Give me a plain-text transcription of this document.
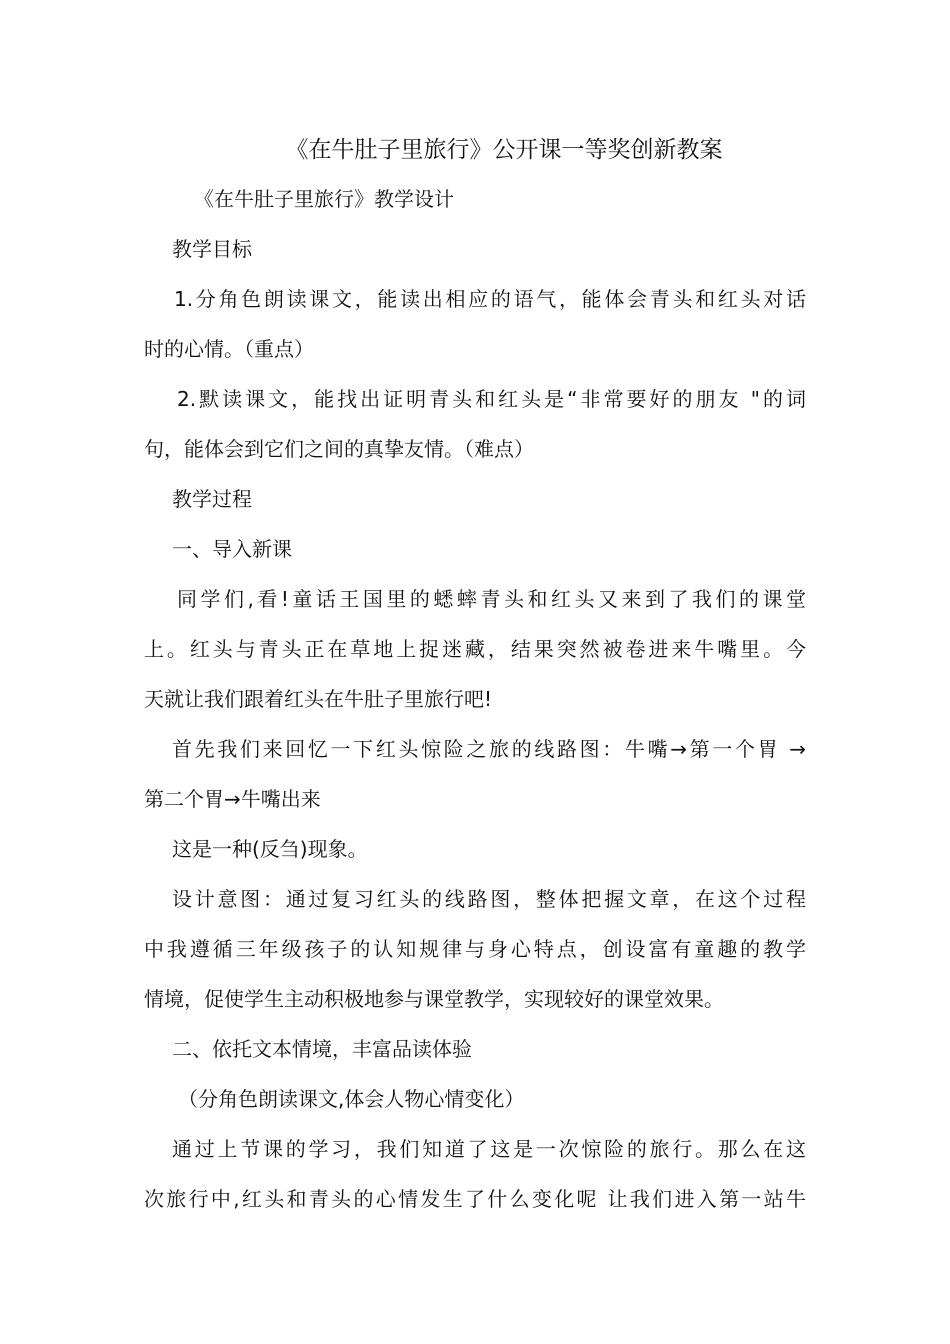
《在牛肚子里旅行》公开课一等奖创新教案
《在牛肚子里旅行》教学设计
教学目标
1.分角色朗读课文，能读出相应的语气，能体会青头和红头对话
时的心情。（重点）
2.默读课文，能找出证明青头和红头是“非常要好的朋友 "的词
句，能体会到它们之间的真挚友情。（难点）
教学过程
一、导入新课
同学们,看!童话王国里的蟋蟀青头和红头又来到了我们的课堂
上。红头与青头正在草地上捉迷藏，结果突然被卷进来牛嘴里。今
天就让我们跟着红头在牛肚子里旅行吧!
首先我们来回忆一下红头惊险之旅的线路图：牛嘴→第一个胃 →
第二个胃→牛嘴出来
这是一种(反刍)现象。
设计意图：通过复习红头的线路图，整体把握文章，在这个过程
中我遵循三年级孩子的认知规律与身心特点，创设富有童趣的教学
情境，促使学生主动积极地参与课堂教学，实现较好的课堂效果。
二、依托文本情境，丰富品读体验
（分角色朗读课文,体会人物心情变化）
通过上节课的学习，我们知道了这是一次惊险的旅行。那么在这
次旅行中,红头和青头的心情发生了什么变化呢 让我们进入第一站牛
